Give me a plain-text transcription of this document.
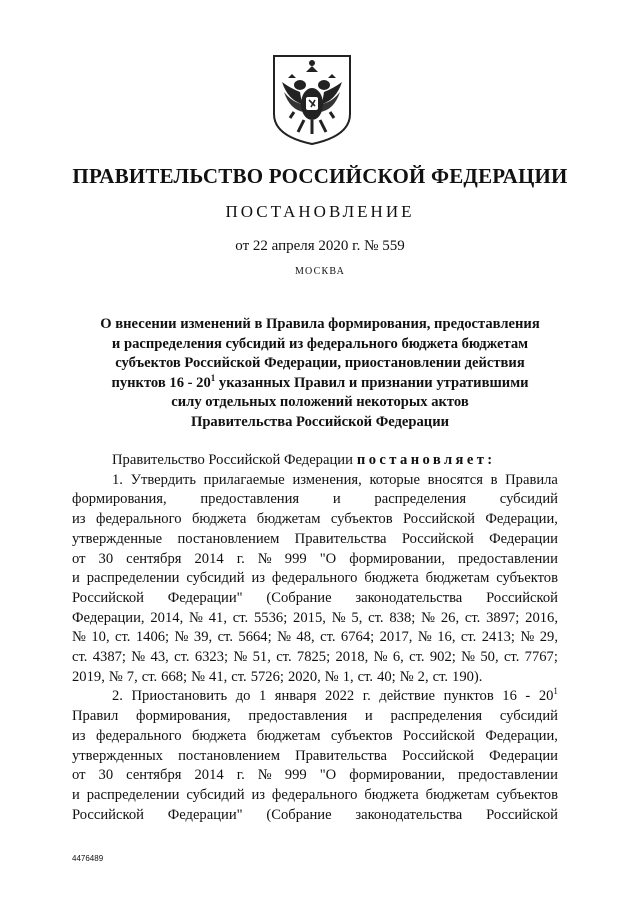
ПРАВИТЕЛЬСТВО РОССИЙСКОЙ ФЕДЕРАЦИИ
ПОСТАНОВЛЕНИЕ
от 22 апреля 2020 г. № 559
МОСКВА
О внесении изменений в Правила формирования, предоставления
и распределения субсидий из федерального бюджета бюджетам
субъектов Российской Федерации, приостановлении действия
пунктов $16 - 20^1$ указанных Правил и признании утратившими
силу отдельных положений некоторых актов
Правительства Российской Федерации
Правительство Российской Федерации постановляет:
1. Утвердить прилагаемые изменения, которые вносятся в Правила
формирования, предоставления и распределения субсидий
из федерального бюджета бюджетам субъектов Российской Федерации,
утвержденные постановлением Правительства Российской Федерации
от 30 сентября 2014 г. № 999 "О формировании, предоставлении
и распределении субсидий из федерального бюджета бюджетам субъектов
Российской Федерации" (Собрание законодательства Российской
Федерации, 2014, № 41, ст. 5536; 2015, № 5, ст. 838; № 26, ст. 3897; 2016,
№ 10, ст. 1406; № 39, ст. 5664; № 48, ст. 6764; 2017, № 16, ст. 2413; № 29,
ст. 4387; № 43, ст. 6323; № 51, ст. 7825; 2018, № 6, ст. 902; № 50, ст. 7767;
2019, № 7, ст. 668; № 41, ст. 5726; 2020, № 1, ст. 40; № 2, ст. 190).
2. Приостановить до 1 января 2022 г. действие пунктов $16 - 20^1$
Правил формирования, предоставления и распределения субсидий
из федерального бюджета бюджетам субъектов Российской Федерации,
утвержденных постановлением Правительства Российской Федерации
от 30 сентября 2014 г. № 999 "О формировании, предоставлении
и распределении субсидий из федерального бюджета бюджетам субъектов
Российской Федерации" (Собрание законодательства Российской
4476489
